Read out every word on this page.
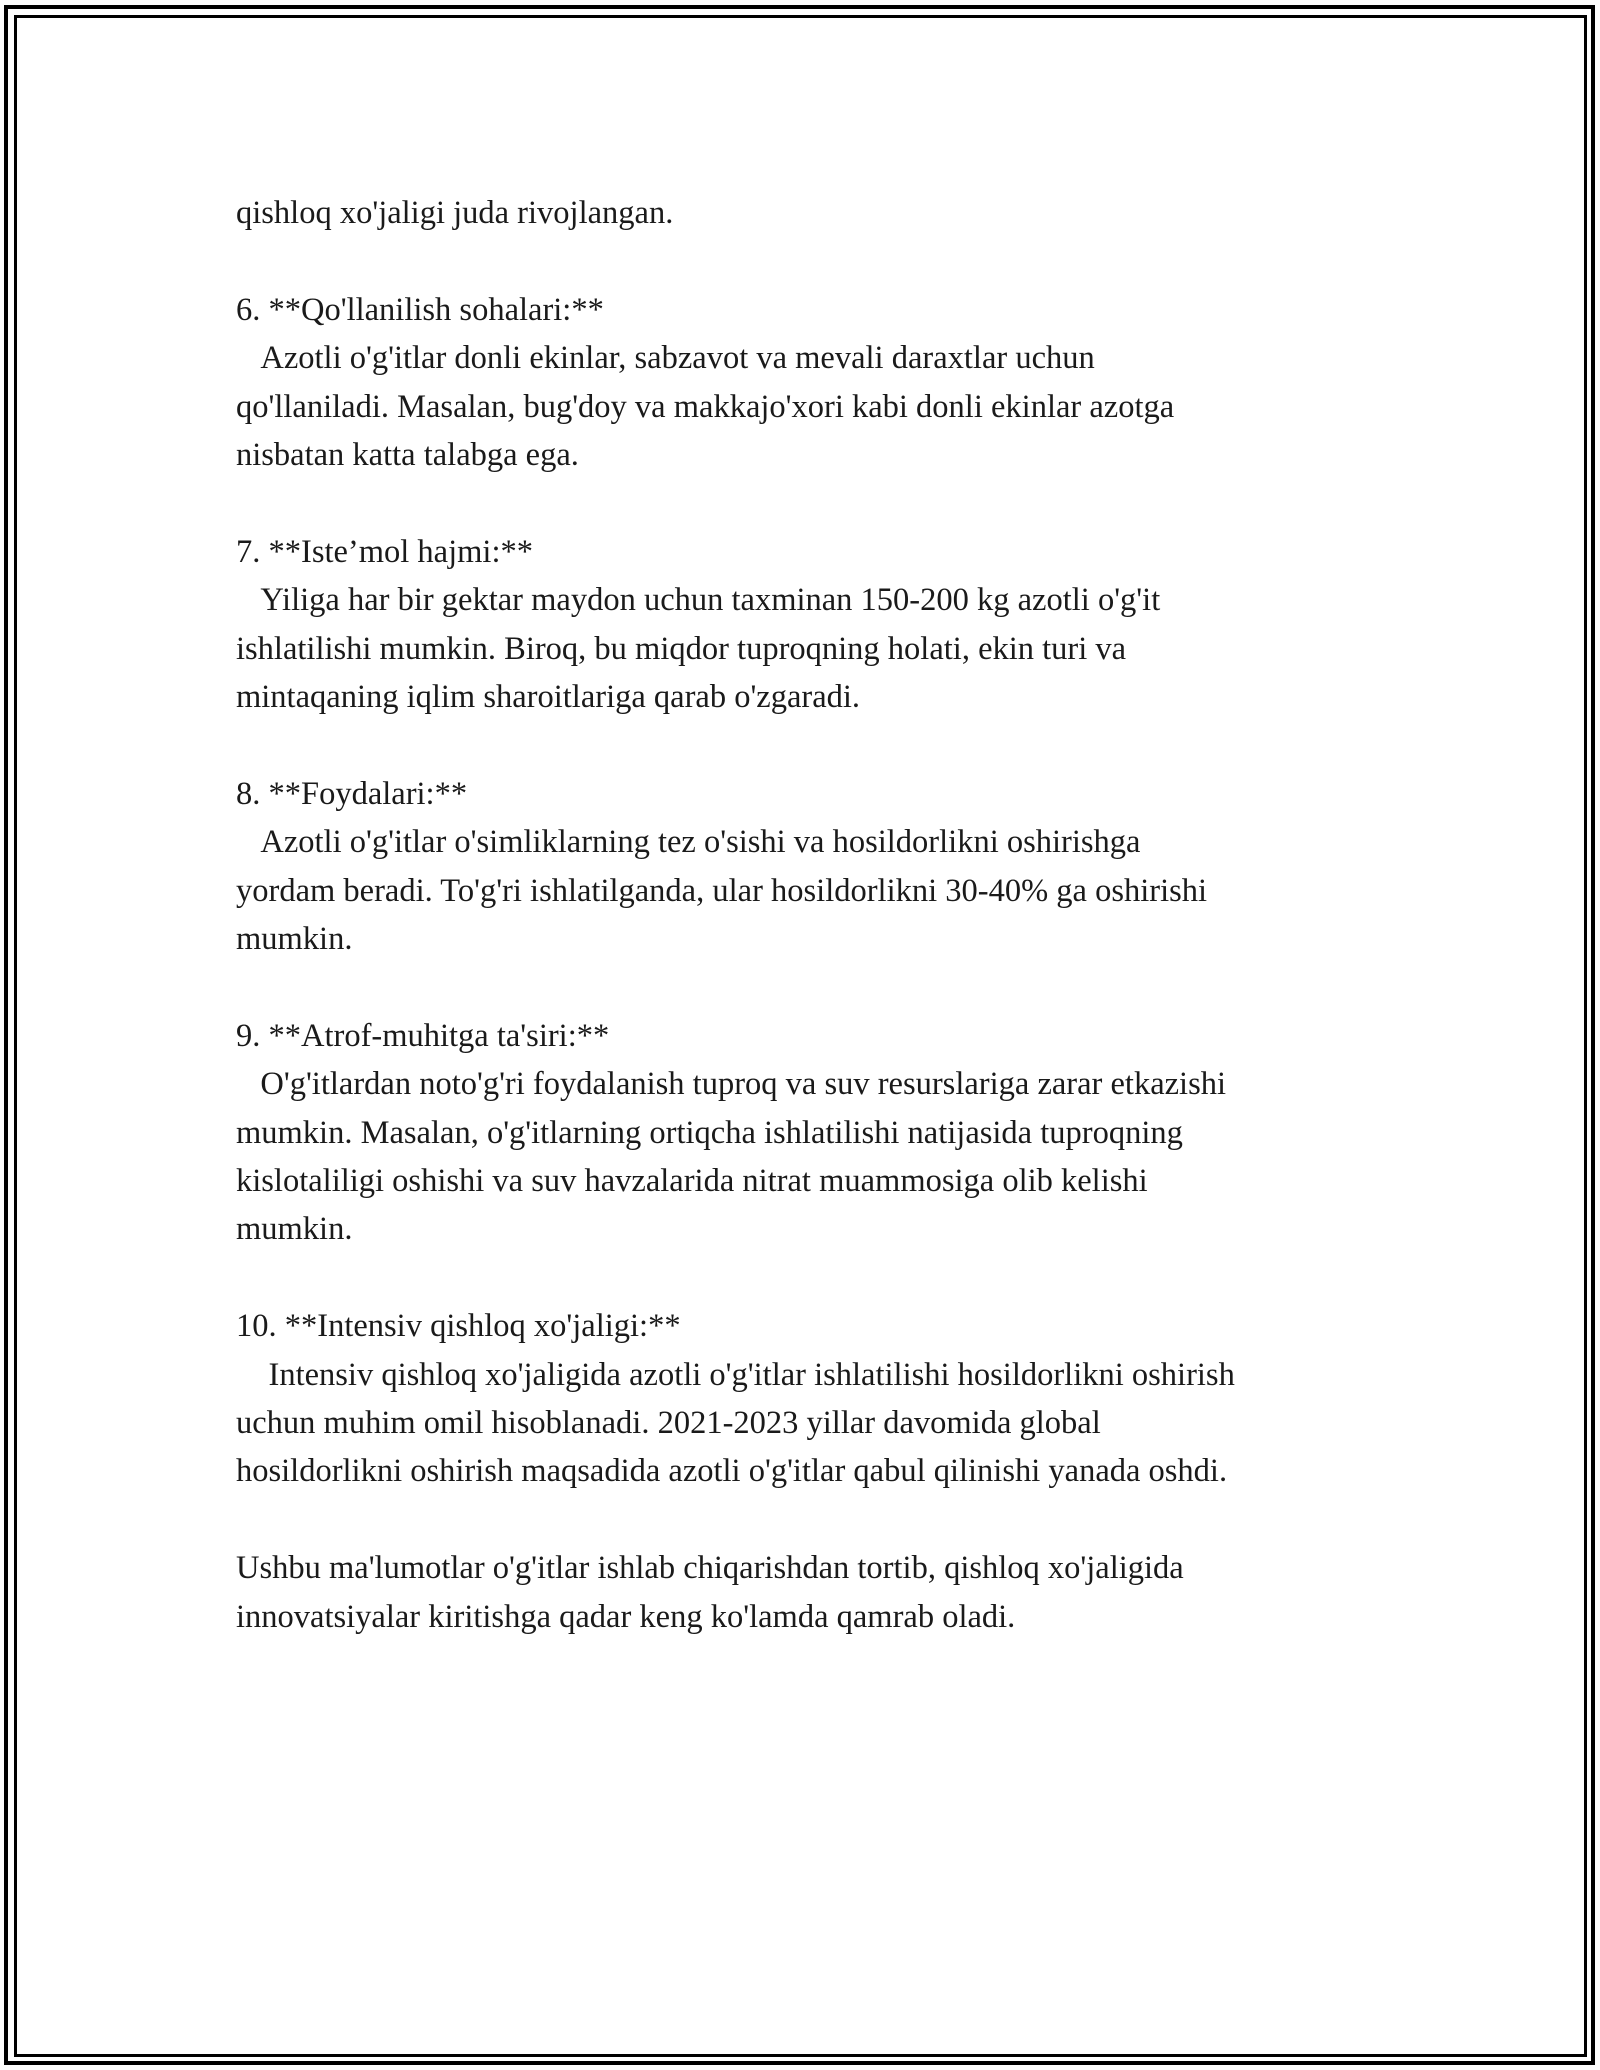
qishloq xo'jaligi juda rivojlangan.

6. **Qo'llanilish sohalari:**

Azotli o'g'itlar donli ekinlar, sabzavot va mevali daraxtlar uchun

qo'llaniladi. Masalan, bug'doy va makkajo'xori kabi donli ekinlar azotga

nisbatan katta talabga ega.

7. **Iste’mol hajmi:**

Yiliga har bir gektar maydon uchun taxminan 150-200 kg azotli o'g'it

ishlatilishi mumkin. Biroq, bu miqdor tuproqning holati, ekin turi va

mintaqaning iqlim sharoitlariga qarab o'zgaradi.

8. **Foydalari:**

Azotli o'g'itlar o'simliklarning tez o'sishi va hosildorlikni oshirishga

yordam beradi. To'g'ri ishlatilganda, ular hosildorlikni 30-40% ga oshirishi

mumkin.

9. **Atrof-muhitga ta'siri:**

O'g'itlardan noto'g'ri foydalanish tuproq va suv resurslariga zarar etkazishi

mumkin. Masalan, o'g'itlarning ortiqcha ishlatilishi natijasida tuproqning

kislotaliligi oshishi va suv havzalarida nitrat muammosiga olib kelishi

mumkin.

10. **Intensiv qishloq xo'jaligi:**

Intensiv qishloq xo'jaligida azotli o'g'itlar ishlatilishi hosildorlikni oshirish

uchun muhim omil hisoblanadi. 2021-2023 yillar davomida global

hosildorlikni oshirish maqsadida azotli o'g'itlar qabul qilinishi yanada oshdi.

Ushbu ma'lumotlar o'g'itlar ishlab chiqarishdan tortib, qishloq xo'jaligida

innovatsiyalar kiritishga qadar keng ko'lamda qamrab oladi.
